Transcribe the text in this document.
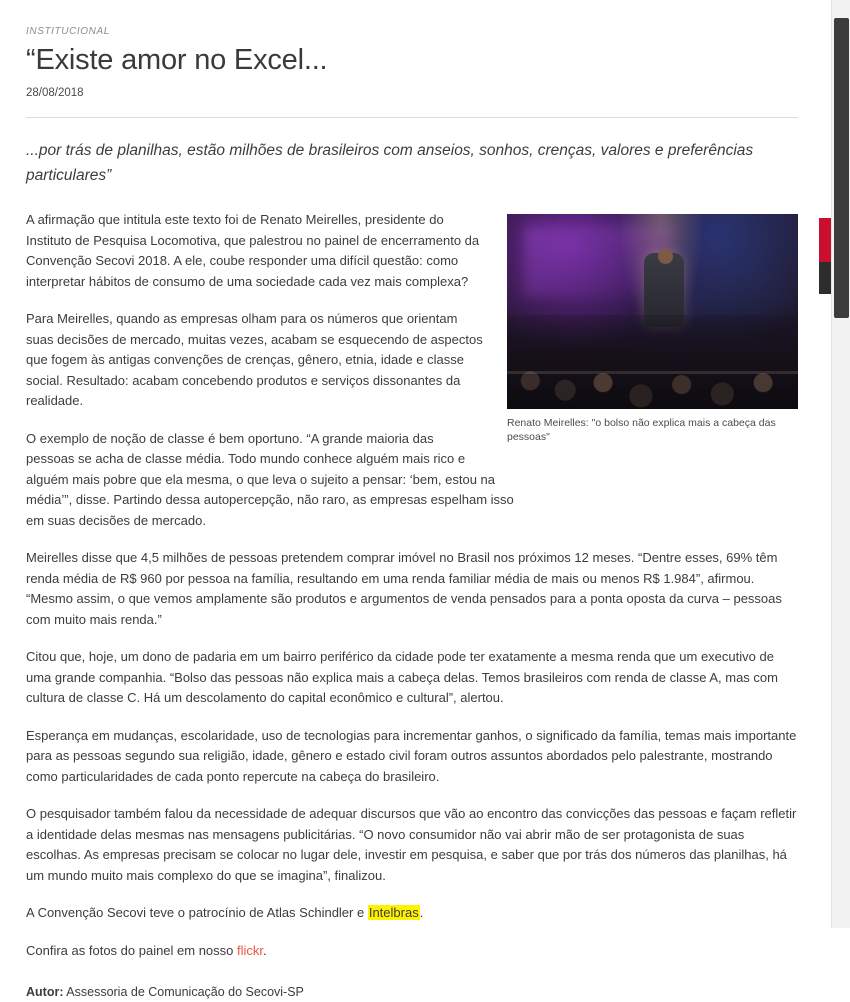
INSTITUCIONAL
“Existe amor no Excel...
28/08/2018
...por trás de planilhas, estão milhões de brasileiros com anseios, sonhos, crenças, valores e preferências particulares”
Renato Meirelles: "o bolso não explica mais a cabeça das pessoas"

A afirmação que intitula este texto foi de Renato Meirelles, presidente do Instituto de Pesquisa Locomotiva, que palestrou no painel de encerramento da Convenção Secovi 2018. A ele, coube responder uma difícil questão: como interpretar hábitos de consumo de uma sociedade cada vez mais complexa?

Para Meirelles, quando as empresas olham para os números que orientam suas decisões de mercado, muitas vezes, acabam se esquecendo de aspectos que fogem às antigas convenções de crenças, gênero, etnia, idade e classe social. Resultado: acabam concebendo produtos e serviços dissonantes da realidade.

O exemplo de noção de classe é bem oportuno. “A grande maioria das pessoas se acha de classe média. Todo mundo conhece alguém mais rico e alguém mais pobre que ela mesma, o que leva o sujeito a pensar: ‘bem, estou na média’”, disse. Partindo dessa autopercepção, não raro, as empresas espelham isso em suas decisões de mercado.

Meirelles disse que 4,5 milhões de pessoas pretendem comprar imóvel no Brasil nos próximos 12 meses. “Dentre esses, 69% têm renda média de R$ 960 por pessoa na família, resultando em uma renda familiar média de mais ou menos R$ 1.984”, afirmou. “Mesmo assim, o que vemos amplamente são produtos e argumentos de venda pensados para a ponta oposta da curva – pessoas com muito mais renda.”

Citou que, hoje, um dono de padaria em um bairro periférico da cidade pode ter exatamente a mesma renda que um executivo de uma grande companhia. “Bolso das pessoas não explica mais a cabeça delas. Temos brasileiros com renda de classe A, mas com cultura de classe C. Há um descolamento do capital econômico e cultural”, alertou.

Esperança em mudanças, escolaridade, uso de tecnologias para incrementar ganhos, o significado da família, temas mais importante para as pessoas segundo sua religião, idade, gênero e estado civil foram outros assuntos abordados pelo palestrante, mostrando como particularidades de cada ponto repercute na cabeça do brasileiro.

O pesquisador também falou da necessidade de adequar discursos que vão ao encontro das convicções das pessoas e façam refletir a identidade delas mesmas nas mensagens publicitárias. “O novo consumidor não vai abrir mão de ser protagonista de suas escolhas. As empresas precisam se colocar no lugar dele, investir em pesquisa, e saber que por trás dos números das planilhas, há um mundo muito mais complexo do que se imagina”, finalizou.

A Convenção Secovi teve o patrocínio de Atlas Schindler e Intelbras.

Confira as fotos do painel em nosso flickr.

Autor: Assessoria de Comunicação do Secovi-SP
